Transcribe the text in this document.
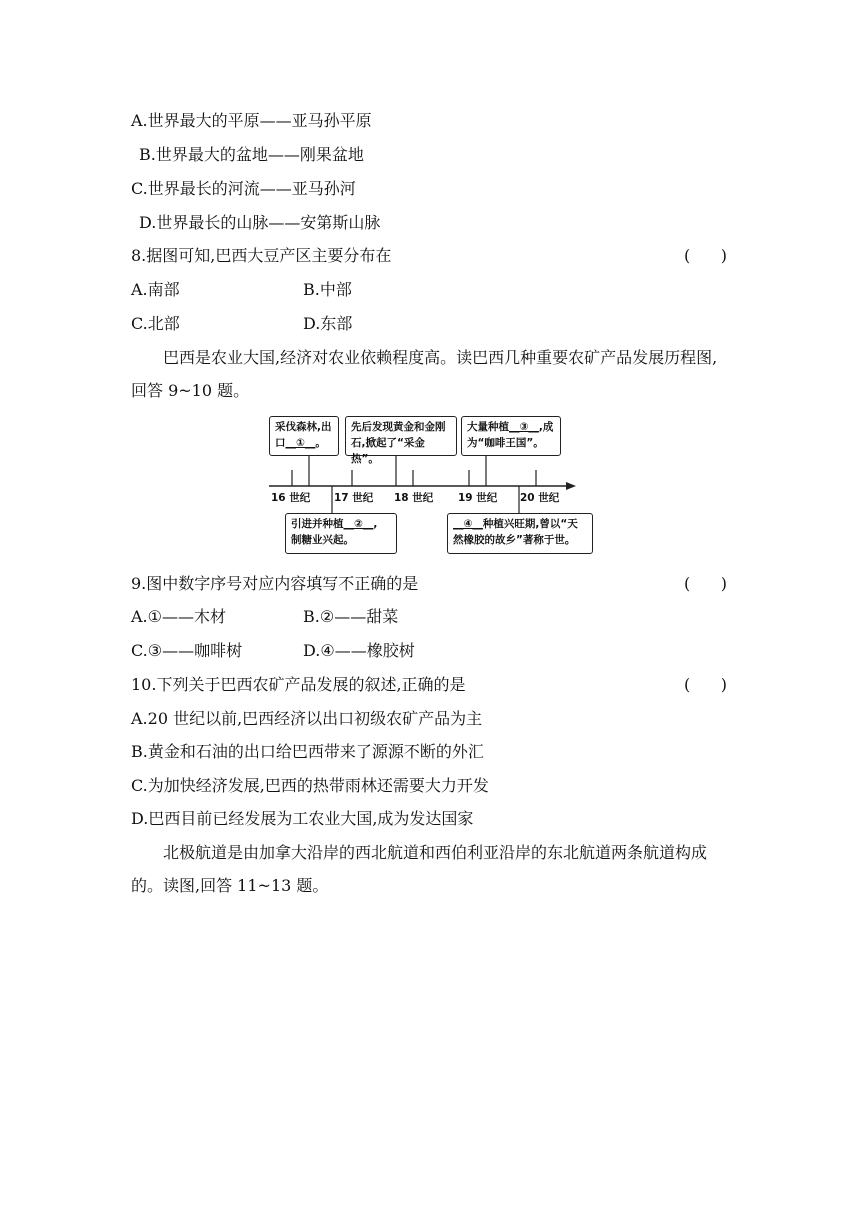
A.世界最大的平原——亚马孙平原
B.世界最大的盆地——刚果盆地
C.世界最长的河流——亚马孙河
D.世界最长的山脉——安第斯山脉
8.据图可知,巴西大豆产区主要分布在	(      )
A.南部	B.中部
C.北部	D.东部
巴西是农业大国,经济对农业依赖程度高。读巴西几种重要农矿产品发展历程图,回答 9~10 题。
16 世纪 17 世纪 18 世纪 19 世纪 20 世纪
采伐森林,出
口__①__。
先后发现黄金和金刚
石,掀起了“采金热”。
大量种植__③__,成
为“咖啡王国”。
引进并种植__②__,
制糖业兴起。
__④__种植兴旺期,曾以“天
然橡胶的故乡”著称于世。
9.图中数字序号对应内容填写不正确的是	(      )
A.①——木材	B.②——甜菜
C.③——咖啡树	D.④——橡胶树
10.下列关于巴西农矿产品发展的叙述,正确的是	(      )
A.20 世纪以前,巴西经济以出口初级农矿产品为主
B.黄金和石油的出口给巴西带来了源源不断的外汇
C.为加快经济发展,巴西的热带雨林还需要大力开发
D.巴西目前已经发展为工农业大国,成为发达国家
北极航道是由加拿大沿岸的西北航道和西伯利亚沿岸的东北航道两条航道构成的。读图,回答 11~13 题。
